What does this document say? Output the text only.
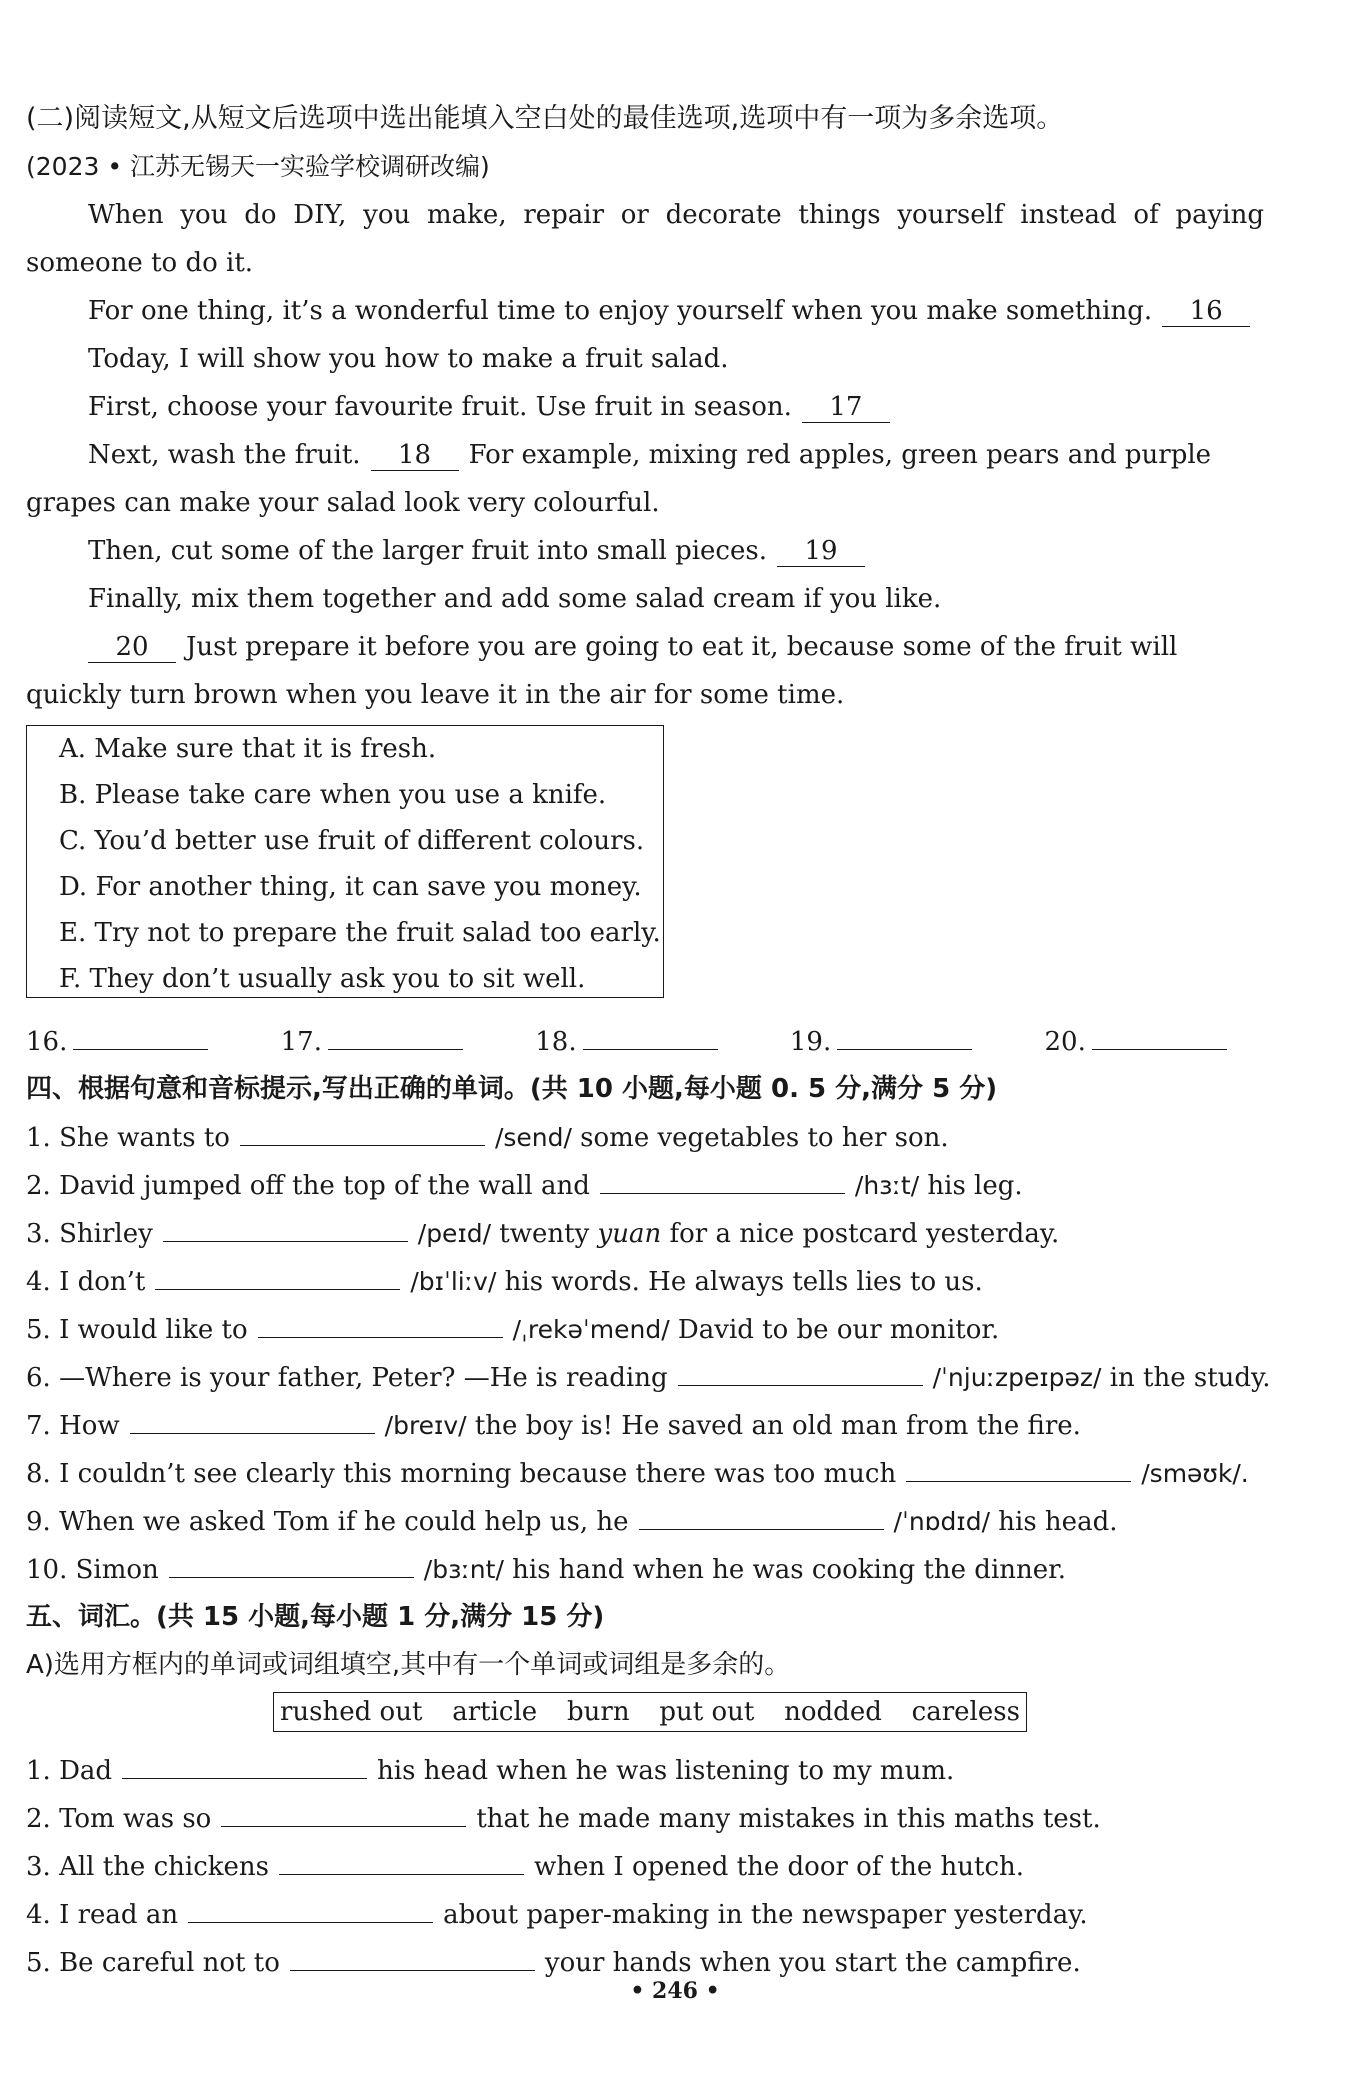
(二)阅读短文,从短文后选项中选出能填入空白处的最佳选项,选项中有一项为多余选项。
(2023 • 江苏无锡天一实验学校调研改编)
When you do DIY, you make, repair or decorate things yourself instead of paying
someone to do it.
For one thing, it’s a wonderful time to enjoy yourself when you make something. 16
Today, I will show you how to make a fruit salad.
First, choose your favourite fruit. Use fruit in season. 17
Next, wash the fruit. 18 For example, mixing red apples, green pears and purple
grapes can make your salad look very colourful.
Then, cut some of the larger fruit into small pieces. 19
Finally, mix them together and add some salad cream if you like.
20 Just prepare it before you are going to eat it, because some of the fruit will
quickly turn brown when you leave it in the air for some time.
A. Make sure that it is fresh.
B. Please take care when you use a knife.
C. You’d better use fruit of different colours.
D. For another thing, it can save you money.
E. Try not to prepare the fruit salad too early.
F. They don’t usually ask you to sit well.
16.	17.	18.	19.	20.
四、根据句意和音标提示,写出正确的单词。(共 10 小题,每小题 0. 5 分,满分 5 分)
1. She wants to	/send/ some vegetables to her son.
2. David jumped off the top of the wall and	/hɜːt/ his leg.
3. Shirley	/peɪd/ twenty yuan for a nice postcard yesterday.
4. I don’t	/bɪˈliːv/ his words. He always tells lies to us.
5. I would like to	/ˌrekəˈmend/ David to be our monitor.
6. —Where is your father, Peter? —He is reading	/ˈnjuːzpeɪpəz/ in the study.
7. How	/breɪv/ the boy is! He saved an old man from the fire.
8. I couldn’t see clearly this morning because there was too much	/sməʊk/.
9. When we asked Tom if he could help us, he	/ˈnɒdɪd/ his head.
10. Simon	/bɜːnt/ his hand when he was cooking the dinner.
五、词汇。(共 15 小题,每小题 1 分,满分 15 分)
A)选用方框内的单词或词组填空,其中有一个单词或词组是多余的。
rushed out article burn put out nodded careless
1. Dad	his head when he was listening to my mum.
2. Tom was so	that he made many mistakes in this maths test.
3. All the chickens	when I opened the door of the hutch.
4. I read an	about paper-making in the newspaper yesterday.
5. Be careful not to	your hands when you start the campfire.
• 246 •
